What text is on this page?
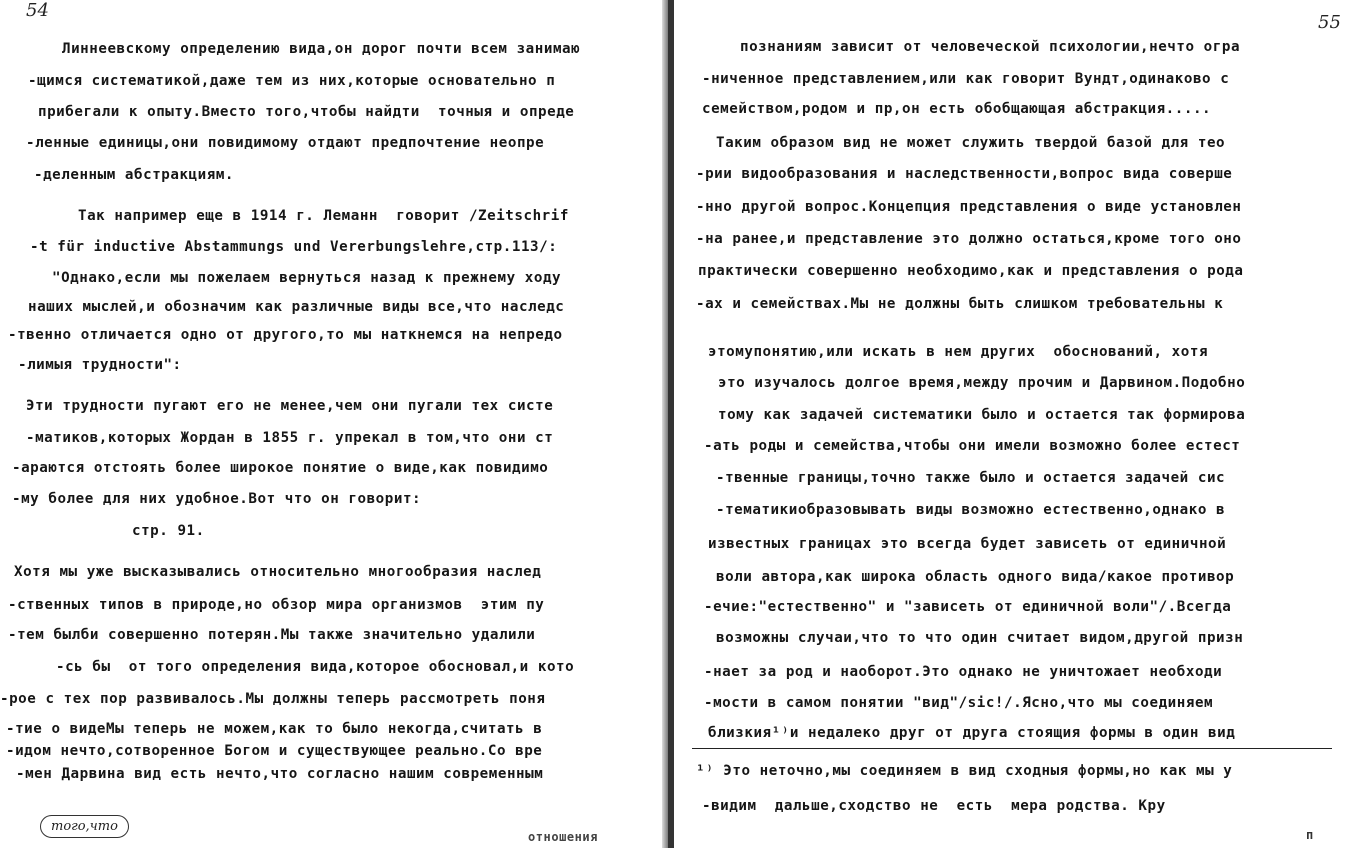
54
Линнеевскому определению вида,он дорог почти всем занимаю
-щимся систематикой,даже тем из них,которые основательно п
прибегали к опыту.Вместо того,чтобы найдти  точныя и опреде
-ленные единицы,они повидимому отдают предпочтение неопре
-деленным абстракциям.
Так например еще в 1914 г. Леманн  говорит /Zeitschrif
-t für inductive Abstammungs und Vererbungslehre,стр.113/:
"Однако,если мы пожелаем вернуться назад к прежнему ходу
наших мыслей,и обозначим как различные виды все,что наследс
-твенно отличается одно от другого,то мы наткнемся на непредо
-лимыя трудности":
Эти трудности пугают его не менее,чем они пугали тех систе
-матиков,которых Жордан в 1855 г. упрекал в том,что они ст
-араются отстоять более широкое понятие о виде,как повидимо
-му более для них удобное.Вот что он говорит:
стр. 91.
Хотя мы уже высказывались относительно многообразия наслед
-ственных типов в природе,но обзор мира организмов  этим пу
-тем былби совершенно потерян.Мы также значительно удалили
-сь бы  от того определения вида,которое обосновал,и кото
-рое с тех пор развивалось.Мы должны теперь рассмотреть поня
-тие о видеМы теперь не можем,как то было некогда,считать в
-идом нечто,сотворенное Богом и существующее реально.Со вре
-мен Дарвина вид есть нечто,что согласно нашим современным
того,что
отношения
55
познаниям зависит от человеческой психологии,нечто огра
-ниченное представлением,или как говорит Вундт,одинаково с
семейством,родом и пр,он есть обобщающая абстракция.....
Таким образом вид не может служить твердой базой для тео
-рии видообразования и наследственности,вопрос вида соверше
-нно другой вопрос.Концепция представления о виде установлен
-на ранее,и представление это должно остаться,кроме того оно
практически совершенно необходимо,как и представления о рода
-ах и семействах.Мы не должны быть слишком требовательны к
этомупонятию,или искать в нем других  обоснований, хотя
это изучалось долгое время,между прочим и Дарвином.Подобно
тому как задачей систематики было и остается так формирова
-ать роды и семейства,чтобы они имели возможно более естест
-твенные границы,точно также было и остается задачей сис
-тематикиобразовывать виды возможно естественно,однако в
известных границах это всегда будет зависеть от единичной
воли автора,как широка область одного вида/какое противор
-ечие:"естественно" и "зависеть от единичной воли"/.Всегда
возможны случаи,что то что один считает видом,другой призн
-нает за род и наоборот.Это однако не уничтожает необходи
-мости в самом понятии "вид"/sic!/.Ясно,что мы соединяем
близкия¹⁾и недалеко друг от друга стоящия формы в один вид
¹⁾ Это неточно,мы соединяем в вид сходныя формы,но как мы у
-видим  дальше,сходство не  есть  мера родства. Кру
п
